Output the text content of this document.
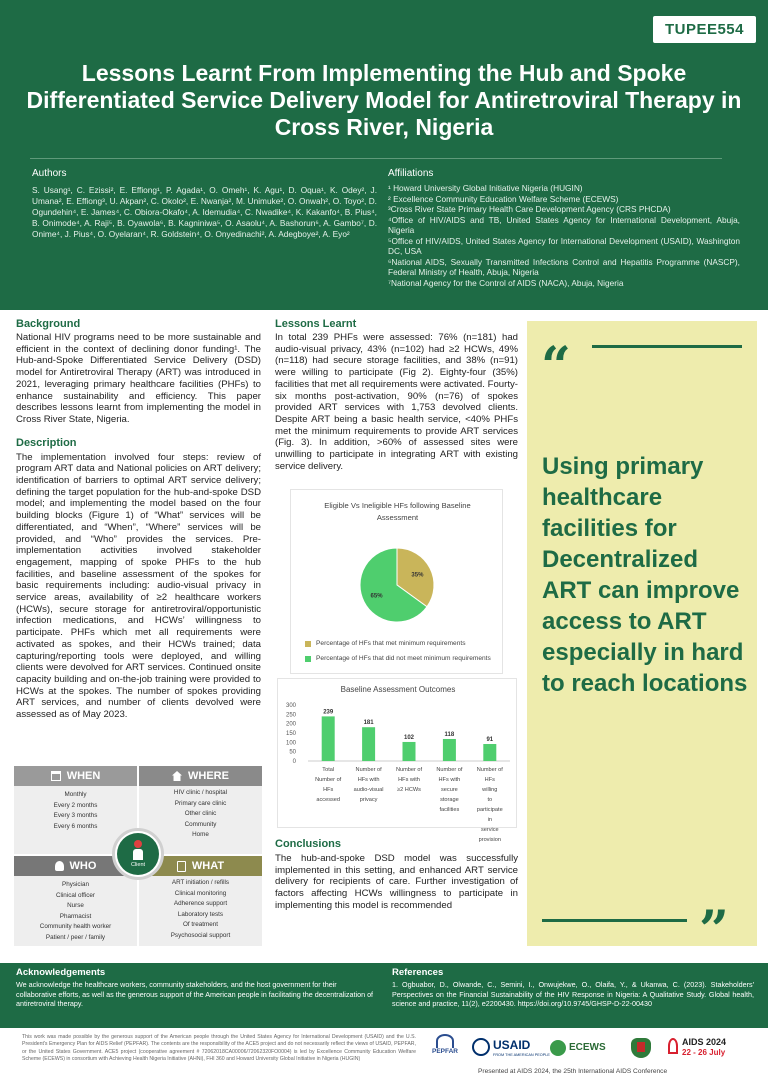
TUPEE554
Lessons Learnt From Implementing the Hub and Spoke Differentiated Service Delivery Model for Antiretroviral Therapy in Cross River, Nigeria
Authors
S. Usang¹, C. Ezissi², E. Effiong¹, P. Agada¹, O. Omeh¹, K. Agu¹, D. Oqua¹, K. Odey², J. Umana², E. Effiong³, U. Akpan², C. Okolo², E. Nwanja², M. Unimuke², O. Onwah², O. Toyo², D. Ogundehin⁴, E. James⁴, C. Obiora-Okafo⁴, A. Idemudia⁴, C. Nwadike⁴, K. Kakanfo⁴, B. Pius⁴, B. Onimode⁴, A. Raji⁵, B. Oyawola⁶, B. Kagniniwa⁵, O. Asaolu⁴, A. Bashorun⁶, A. Gambo⁷, D. Onime⁴, J. Pius⁴, O. Oyelaran⁴, R. Goldstein⁴, O. Onyedinachi², A. Adegboye², A. Eyo²
Affiliations
¹ Howard University Global Initiative Nigeria (HUGIN)
² Excellence Community Education Welfare Scheme (ECEWS)
³Cross River State Primary Health Care Development Agency (CRS PHCDA)
⁴Office of HIV/AIDS and TB, United States Agency for International Development, Abuja, Nigeria
⁵Office of HIV/AIDS, United States Agency for International Development (USAID), Washington DC, USA
⁶National AIDS, Sexually Transmitted Infections Control and Hepatitis Programme (NASCP), Federal Ministry of Health, Abuja, Nigeria
⁷National Agency for the Control of AIDS (NACA), Abuja, Nigeria
Background
National HIV programs need to be more sustainable and efficient in the context of declining donor funding¹. The Hub-and-Spoke Differentiated Service Delivery (DSD) model for Antiretroviral Therapy (ART) was introduced in 2021, leveraging primary healthcare facilities (PHFs) to enhance sustainability and efficiency. This paper describes lessons learnt from implementing the model in Cross River State, Nigeria.
Description
The implementation involved four steps: review of program ART data and National policies on ART delivery; identification of barriers to optimal ART service delivery; defining the target population for the hub-and-spoke DSD model; and implementing the model based on the four building blocks (Figure 1) of “What” services will be differentiated, and “When”, “Where” services will be provided, and “Who” provides the services. Pre-implementation activities involved stakeholder engagement, mapping of spoke PHFs to the hub facilities, and baseline assessment of the spokes for basic requirements including: audio-visual privacy in service areas, availability of ≥2 healthcare workers (HCWs), secure storage for antiretroviral/opportunistic infection medications, and HCWs’ willingness to participate. PHFs which met all requirements were activated as spokes, and their HCWs trained; data capturing/reporting tools were deployed, and willing clients were devolved for ART services. Continued onsite capacity building and on-the-job training were provided to HCWs at the spokes. The number of spokes providing ART services, and number of clients devolved were assessed as of May 2023.
WHEN
Monthly
Every 2 months
Every 3 months
Every 6 months
WHERE
HIV clinic / hospital
Primary care clinic
Other clinic
Community
Home
WHO
Physician
Clinical officer
Nurse
Pharmacist
Community health worker
Patient / peer / family
WHAT
ART initiation / refills
Clinical monitoring
Adherence support
Laboratory tests
Of treatment
Psychosocial support
Client
Lessons Learnt
In total 239 PHFs were assessed: 76% (n=181) had audio-visual privacy, 43% (n=102) had ≥2 HCWs, 49% (n=118) had secure storage facilities, and 38% (n=91) were willing to participate (Fig 2). Eighty-four (35%) facilities that met all requirements were activated. Fourty-six months post-activation, 90% (n=76) of spokes provided ART services with 1,753 devolved clients. Despite ART being a basic health service, <40% PHFs met the minimum requirements to provide ART services (Fig. 3). In addition, >60% of assessed sites were unwilling to participate in integrating ART with existing service delivery.
Eligible Vs Ineligible HFs following Baseline Assessment
35%
65%
Percentage of HFs that met minimum requirements
Percentage of HFs that did not meet minimum requirements
Baseline Assessment Outcomes
300
250
200
150
100
50
0
239
Total Number of HFs accessed
181
Number of HFs with audio-visual privacy
102
Number of HFs with ≥2 HCWs
118
Number of HFs with secure storage facilities
91
Number of HFs willing to participate in service provision
Conclusions
The hub-and-spoke DSD model was successfully implemented in this setting, and enhanced ART service delivery for recipients of care. Further investigation of factors affecting HCWs willingness to participate in implementing this model is recommended
“
Using primary healthcare facilities for Decentralized ART can improve access to ART especially in hard to reach locations
”
Acknowledgements
We acknowledge the healthcare workers, community stakeholders, and the host government for their collaborative efforts, as well as the generous support of the American people in facilitating the decentralization of antiretroviral therapy.
References
1. Ogbuabor, D., Olwande, C., Semini, I., Onwujekwe, O., Olaifa, Y., & Ukanwa, C. (2023). Stakeholders' Perspectives on the Financial Sustainability of the HIV Response in Nigeria: A Qualitative Study. Global health, science and practice, 11(2), e2200430. https://doi.org/10.9745/GHSP-D-22-00430
This work was made possible by the generous support of the American people through the United States Agency for International Development (USAID) and the U.S. President's Emergency Plan for AIDS Relief (PEPFAR). The contents are the responsibility of the ACE5 project and do not necessarily reflect the views of USAID, PEPFAR, or the United States Government. ACE5 project (cooperative agreement # 72062018CA00006/72062320FO0004) is led by Excellence Community Education Welfare Scheme (ECEWS) in consortium with Achieving Health Nigeria Initiative (AHNi), FHI 360 and Howard University Global Initiative in Nigeria (HUGIN)
PEPFAR	USAID
FROM THE AMERICAN PEOPLE
ECEWS	AIDS 2024
22 - 26 July
Presented at AIDS 2024, the 25th International AIDS Conference
